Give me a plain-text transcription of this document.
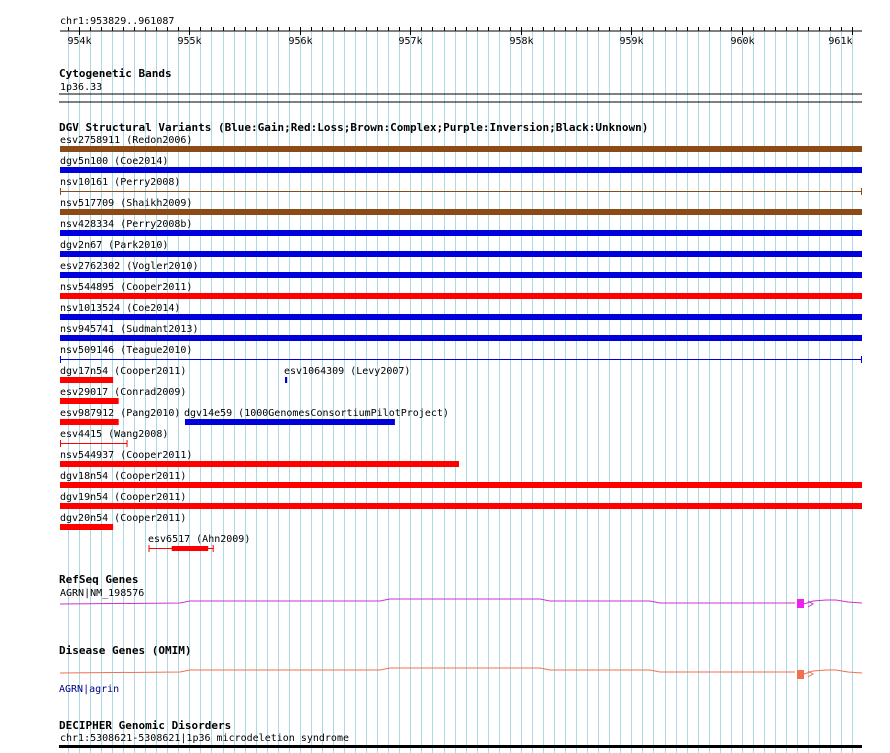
chr1:953829..961087
954k	955k	956k	957k	958k	959k	960k	961k
Cytogenetic Bands
1p36.33
DGV Structural Variants (Blue:Gain;Red:Loss;Brown:Complex;Purple:Inversion;Black:Unknown)
esv2758911 (Redon2006)
dgv5n100 (Coe2014)
nsv10161 (Perry2008)
nsv517709 (Shaikh2009)
nsv428334 (Perry2008b)
dgv2n67 (Park2010)
esv2762302 (Vogler2010)
nsv544895 (Cooper2011)
nsv1013524 (Coe2014)
nsv945741 (Sudmant2013)
nsv509146 (Teague2010)
dgv17n54 (Cooper2011)	esv1064309 (Levy2007)
esv29017 (Conrad2009)
esv987912 (Pang2010) dgv14e59 (1000GenomesConsortiumPilotProject)
esv4415 (Wang2008)
nsv544937 (Cooper2011)
dgv18n54 (Cooper2011)
dgv19n54 (Cooper2011)
dgv20n54 (Cooper2011)
esv6517 (Ahn2009)
RefSeq Genes
AGRN|NM_198576
Disease Genes (OMIM)
AGRN|agrin
DECIPHER Genomic Disorders
chr1:5308621-5308621|1p36 microdeletion syndrome
